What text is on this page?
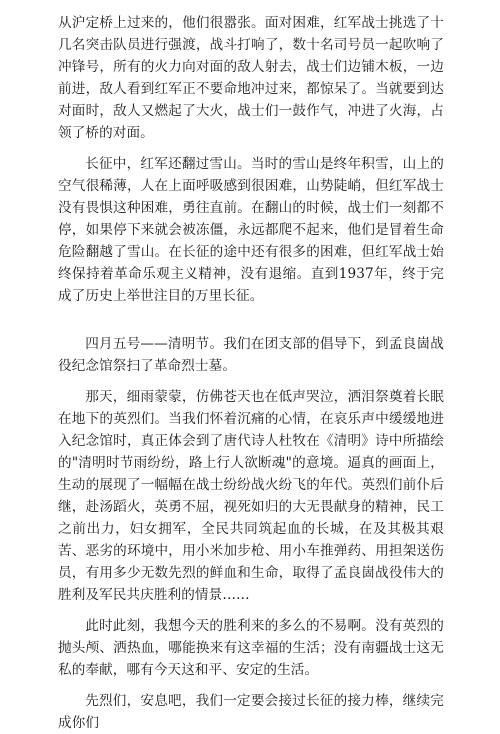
从沪定桥上过来的，他们很嚣张。面对困难，红军战士挑选了十几名突击队员进行强渡，战斗打响了，数十名司号员一起吹响了冲锋号，所有的火力向对面的敌人射去，战士们边铺木板，一边前进，敌人看到红军正不要命地冲过来，都惊呆了。当就要到达对面时，敌人又燃起了大火，战士们一鼓作气，冲进了火海，占领了桥的对面。

长征中，红军还翻过雪山。当时的雪山是终年积雪，山上的空气很稀薄，人在上面呼吸感到很困难，山势陡峭，但红军战士没有畏惧这种困难，勇往直前。在翻山的时候，战士们一刻都不停，如果停下来就会被冻僵，永远都爬不起来，他们是冒着生命危险翻越了雪山。在长征的途中还有很多的困难，但红军战士始终保持着革命乐观主义精神，没有退缩。直到1937年，终于完成了历史上举世注目的万里长征。

四月五号——清明节。我们在团支部的倡导下，到孟良崮战役纪念馆祭扫了革命烈士墓。

那天，细雨蒙蒙，仿佛苍天也在低声哭泣，洒泪祭奠着长眠在地下的英烈们。当我们怀着沉痛的心情，在哀乐声中缓缓地进入纪念馆时，真正体会到了唐代诗人杜牧在《清明》诗中所描绘的"清明时节雨纷纷，路上行人欲断魂"的意境。逼真的画面上，生动的展现了一幅幅在战士纷纷战火纷飞的年代。英烈们前仆后继，赴汤蹈火，英勇不屈，视死如归的大无畏献身的精神，民工之前出力，妇女拥军，全民共同筑起血的长城，在及其极其艰苦、恶劣的环境中，用小米加步枪、用小车推弹药、用担架送伤员，有用多少无数先烈的鲜血和生命，取得了孟良崮战役伟大的胜利及军民共庆胜利的情景……

此时此刻，我想今天的胜利来的多么的不易啊。没有英烈的抛头颅、洒热血，哪能换来有这幸福的生活；没有南疆战士这无私的奉献，哪有今天这和平、安定的生活。

先烈们，安息吧，我们一定要会接过长征的接力棒，继续完成你们
